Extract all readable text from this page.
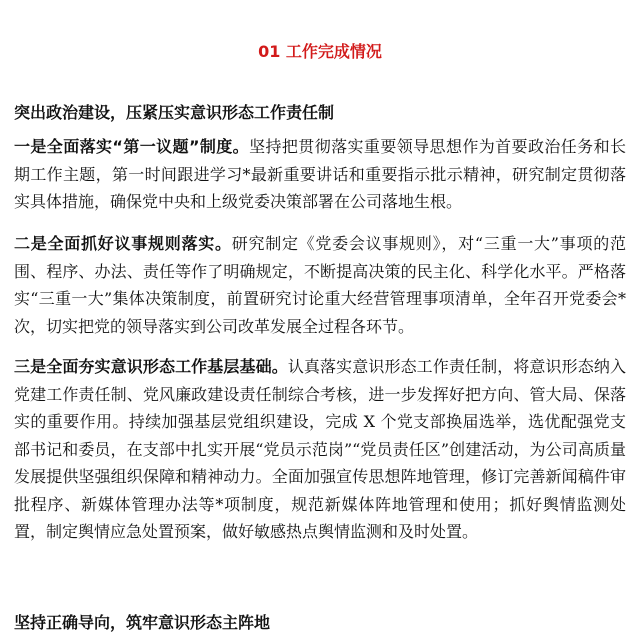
01 工作完成情况
突出政治建设，压紧压实意识形态工作责任制

一是全面落实“第一议题”制度。坚持把贯彻落实重要领导思想作为首要政治任务和长期工作主题，第一时间跟进学习*最新重要讲话和重要指示批示精神，研究制定贯彻落实具体措施，确保党中央和上级党委决策部署在公司落地生根。

二是全面抓好议事规则落实。研究制定《党委会议事规则》，对“三重一大”事项的范围、程序、办法、责任等作了明确规定，不断提高决策的民主化、科学化水平。严格落实“三重一大”集体决策制度，前置研究讨论重大经营管理事项清单，全年召开党委会*次，切实把党的领导落实到公司改革发展全过程各环节。

三是全面夯实意识形态工作基层基础。认真落实意识形态工作责任制，将意识形态纳入党建工作责任制、党风廉政建设责任制综合考核，进一步发挥好把方向、管大局、保落实的重要作用。持续加强基层党组织建设，完成 X 个党支部换届选举，选优配强党支部书记和委员，在支部中扎实开展“党员示范岗”“党员责任区”创建活动，为公司高质量发展提供坚强组织保障和精神动力。全面加强宣传思想阵地管理，修订完善新闻稿件审批程序、新媒体管理办法等*项制度，规范新媒体阵地管理和使用；抓好舆情监测处置，制定舆情应急处置预案，做好敏感热点舆情监测和及时处置。

坚持正确导向，筑牢意识形态主阵地
